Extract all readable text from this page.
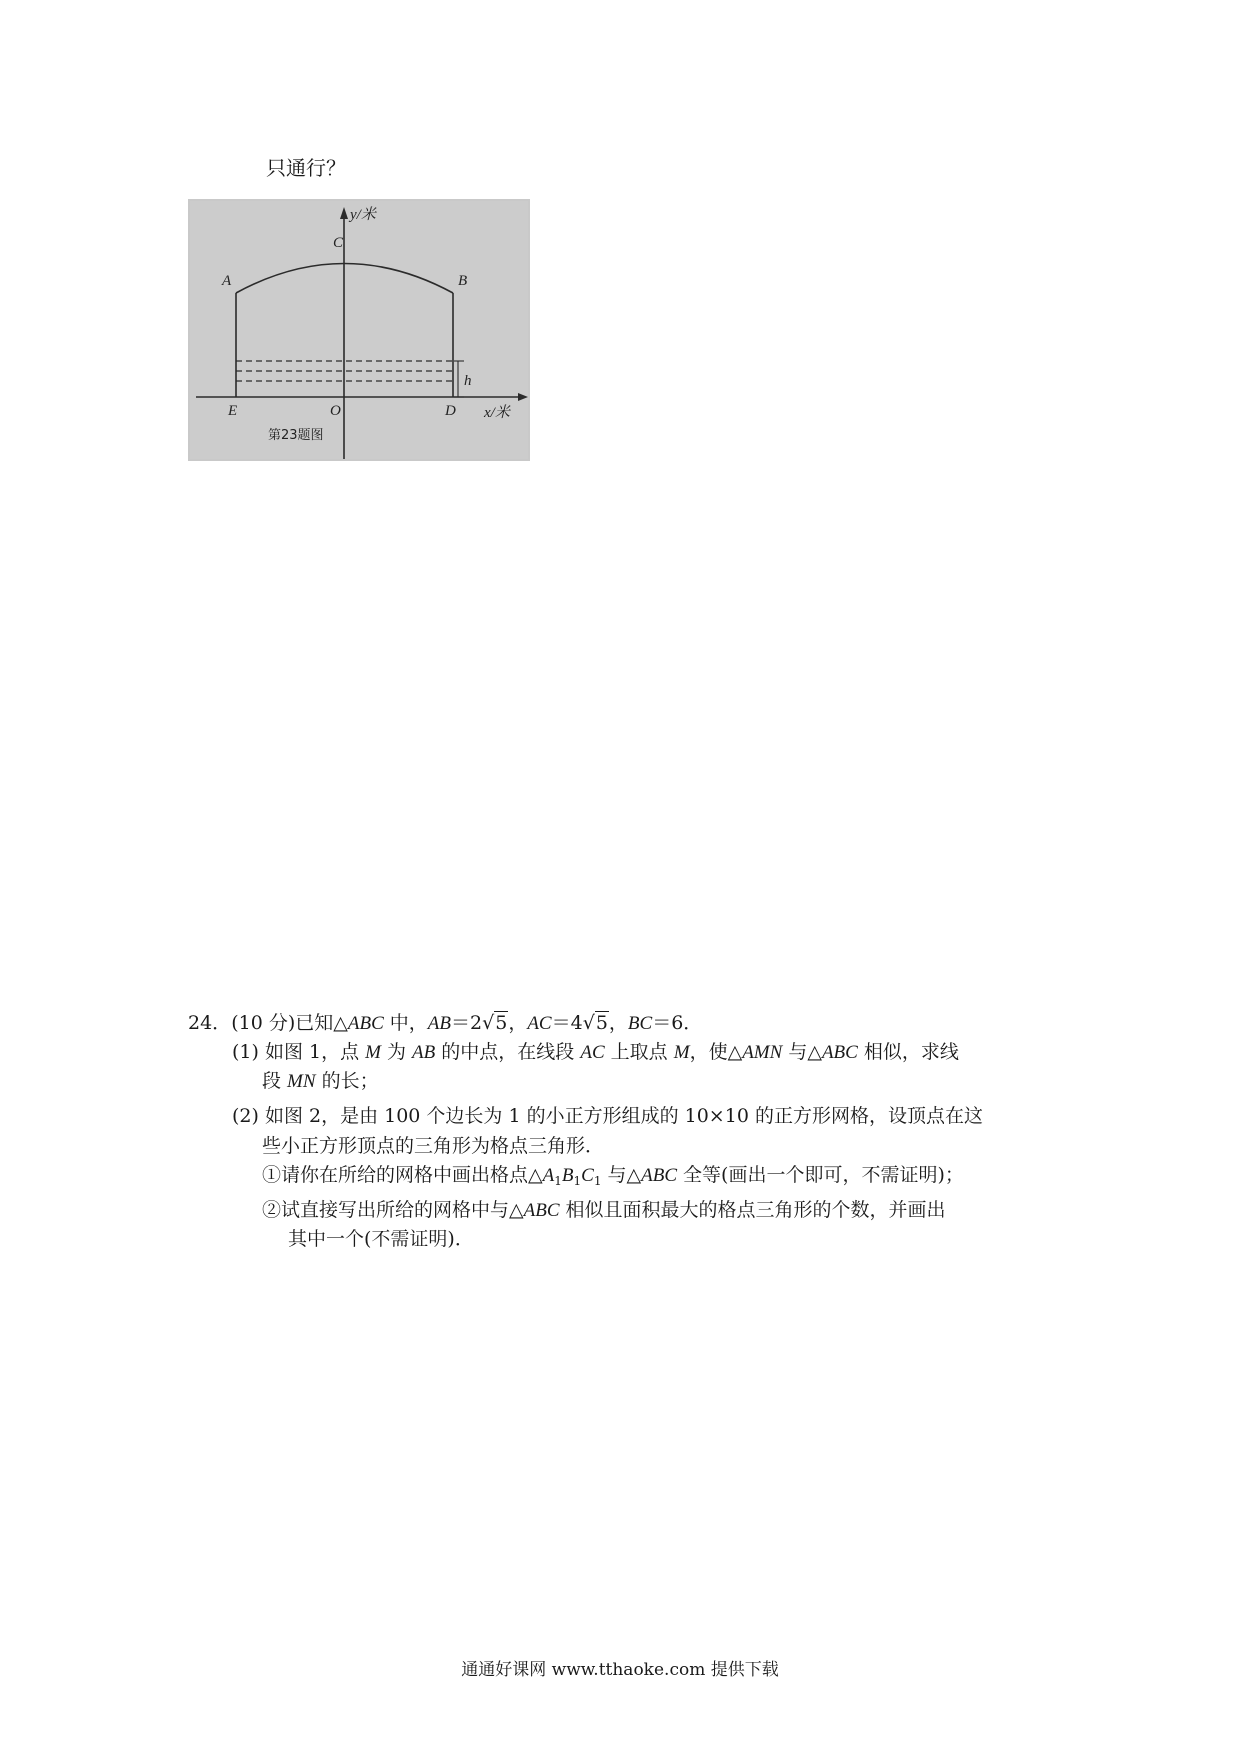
只通行？
y/米
C
A	B
h
E	O	D x/米
第23题图
24．(10 分)已知△ABC 中，AB＝2√5，AC＝4√5，BC＝6．
(1) 如图 1，点 M 为 AB 的中点，在线段 AC 上取点 M，使△AMN 与△ABC 相似，求线
段 MN 的长；
(2) 如图 2，是由 100 个边长为 1 的小正方形组成的 10×10 的正方形网格，设顶点在这
些小正方形顶点的三角形为格点三角形．
①请你在所给的网格中画出格点$\triangle A_1B_1C_1$ 与△ABC 全等(画出一个即可，不需证明)；
②试直接写出所给的网格中与△ABC 相似且面积最大的格点三角形的个数，并画出
其中一个(不需证明)．
通通好课网 www.tthaoke.com 提供下载
